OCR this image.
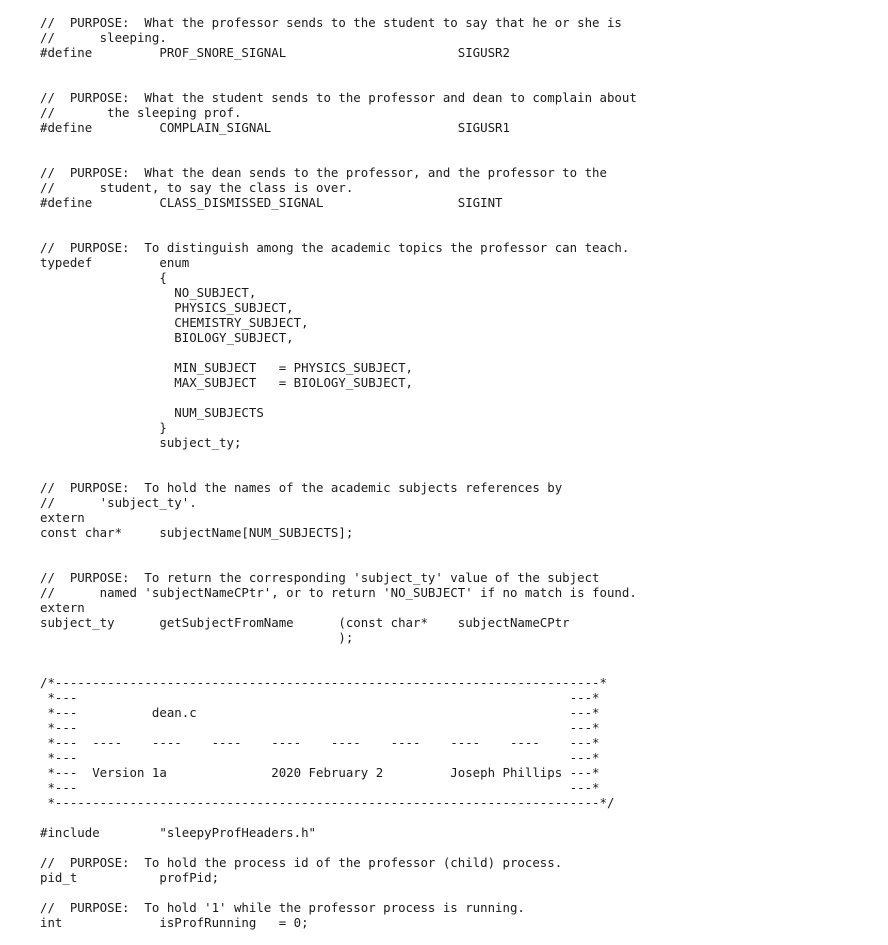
//  PURPOSE:  What the professor sends to the student to say that he or she is
//      sleeping.
#define         PROF_SNORE_SIGNAL                       SIGUSR2
//  PURPOSE:  What the student sends to the professor and dean to complain about
//       the sleeping prof.
#define         COMPLAIN_SIGNAL                         SIGUSR1
//  PURPOSE:  What the dean sends to the professor, and the professor to the
//      student, to say the class is over.
#define         CLASS_DISMISSED_SIGNAL                  SIGINT
//  PURPOSE:  To distinguish among the academic topics the professor can teach.
typedef         enum
{
NO_SUBJECT,
PHYSICS_SUBJECT,
CHEMISTRY_SUBJECT,
BIOLOGY_SUBJECT,
MIN_SUBJECT   = PHYSICS_SUBJECT,
MAX_SUBJECT   = BIOLOGY_SUBJECT,
NUM_SUBJECTS
}
subject_ty;
//  PURPOSE:  To hold the names of the academic subjects references by
//      'subject_ty'.
extern
const char*     subjectName[NUM_SUBJECTS];
//  PURPOSE:  To return the corresponding 'subject_ty' value of the subject
//      named 'subjectNameCPtr', or to return 'NO_SUBJECT' if no match is found.
extern
subject_ty      getSubjectFromName      (const char*    subjectNameCPtr
);
/*-------------------------------------------------------------------------*
*---                                                                  ---*
*---          dean.c                                                  ---*
*---                                                                  ---*
*---  ----    ----    ----    ----    ----    ----    ----    ----    ---*
*---                                                                  ---*
*---  Version 1a              2020 February 2         Joseph Phillips ---*
*---                                                                  ---*
*-------------------------------------------------------------------------*/
#include        "sleepyProfHeaders.h"
//  PURPOSE:  To hold the process id of the professor (child) process.
pid_t           profPid;
//  PURPOSE:  To hold '1' while the professor process is running.
int             isProfRunning   = 0;
